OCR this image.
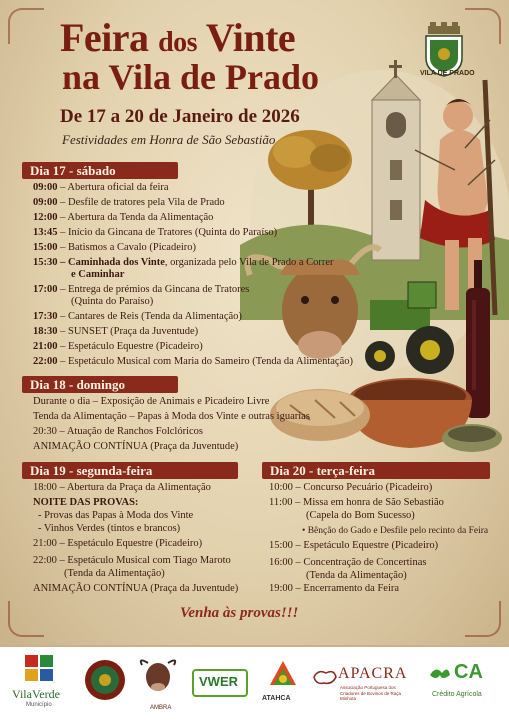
Feira dos Vinte
na Vila de Prado
De 17 a 20 de Janeiro de 2026
Festividades em Honra de São Sebastião
VILA DE PRADO
Dia 17 - sábado
09:00 – Abertura oficial da feira
09:00 – Desfile de tratores pela Vila de Prado
12:00 – Abertura da Tenda da Alimentação
13:45 – Início da Gincana de Tratores (Quinta do Paraíso)
15:00 – Batismos a Cavalo (Picadeiro)
15:30 – Caminhada dos Vinte, organizada pelo Vila de Prado a Correr
e Caminhar
17:00 – Entrega de prémios da Gincana de Tratores
(Quinta do Paraíso)
17:30 – Cantares de Reis (Tenda da Alimentação)
18:30 – SUNSET (Praça da Juventude)
21:00 – Espetáculo Equestre (Picadeiro)
22:00 – Espetáculo Musical com Maria do Sameiro (Tenda da Alimentação)
Dia 18 - domingo
Durante o dia – Exposição de Animais e Picadeiro Livre
Tenda da Alimentação – Papas à Moda dos Vinte e outras iguarias
20:30 – Atuação de Ranchos Folclóricos
ANIMAÇÃO CONTÍNUA (Praça da Juventude)
Dia 19 - segunda-feira
18:00 – Abertura da Praça da Alimentação
NOITE DAS PROVAS:
- Provas das Papas à Moda dos Vinte
- Vinhos Verdes (tintos e brancos)
21:00 – Espetáculo Equestre (Picadeiro)
22:00 – Espetáculo Musical com Tiago Maroto
(Tenda da Alimentação)
ANIMAÇÃO CONTÍNUA (Praça da Juventude)
Dia 20 - terça-feira
10:00 – Concurso Pecuário (Picadeiro)
11:00 – Missa em honra de São Sebastião
(Capela do Bom Sucesso)
• Bênção do Gado e Desfile pelo recinto da Feira
15:00 – Espetáculo Equestre (Picadeiro)
16:00 – Concentração de Concertinas
(Tenda da Alimentação)
19:00 – Encerramento da Feira
Venha às provas!!!
VilaVerde
Município	AMBRA
VWER
ATAHCA
APACRA
Associação Portuguesa dos Criadores de Bovinos de Raça Minhota
CA
Crédito Agrícola
